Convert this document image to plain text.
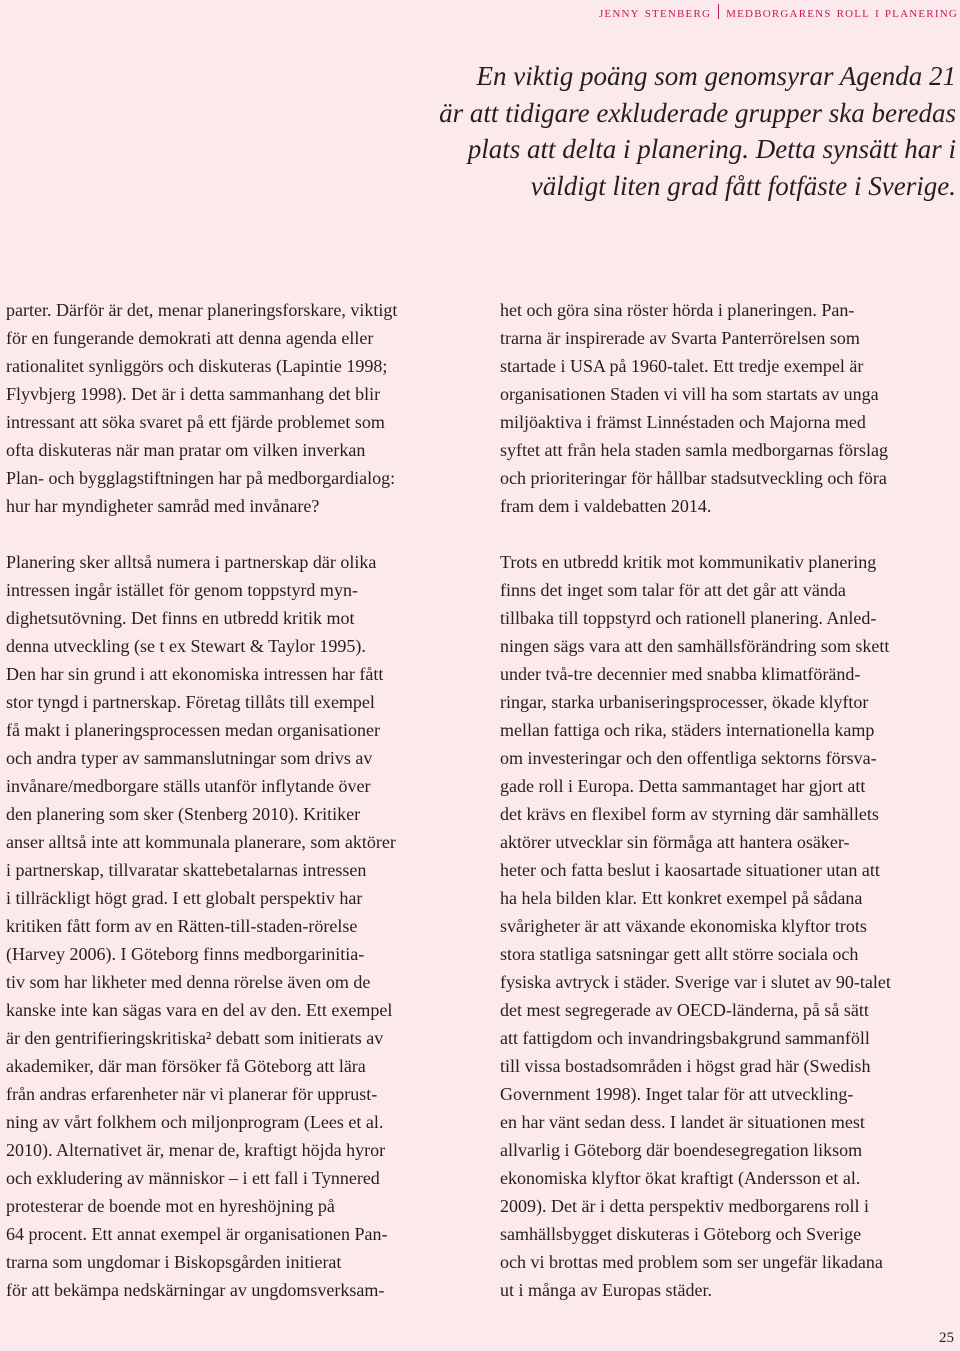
jenny stenberg medborgarens roll i planering
En viktig poäng som genomsyrar Agenda 21
är att tidigare exkluderade grupper ska beredas
plats att delta i planering. Detta synsätt har i
väldigt liten grad fått fotfäste i Sverige.
parter. Därför är det, menar planeringsforskare, viktigt
för en fungerande demokrati att denna agenda eller
rationalitet synliggörs och diskuteras (Lapintie 1998;
Flyvbjerg 1998). Det är i detta sammanhang det blir
intressant att söka svaret på ett fjärde problemet som
ofta diskuteras när man pratar om vilken inverkan
Plan- och bygglagstiftningen har på medborgardialog:
hur har myndigheter samråd med invånare?
Planering sker alltså numera i partnerskap där olika
intressen ingår istället för genom toppstyrd myn-
dighetsutövning. Det finns en utbredd kritik mot
denna utveckling (se t ex Stewart & Taylor 1995).
Den har sin grund i att ekonomiska intressen har fått
stor tyngd i partnerskap. Företag tillåts till exempel
få makt i planeringsprocessen medan organisationer
och andra typer av sammanslutningar som drivs av
invånare/medborgare ställs utanför inflytande över
den planering som sker (Stenberg 2010). Kritiker
anser alltså inte att kommunala planerare, som aktörer
i partnerskap, tillvaratar skattebetalarnas intressen
i tillräckligt högt grad. I ett globalt perspektiv har
kritiken fått form av en Rätten-till-staden-rörelse
(Harvey 2006). I Göteborg finns medborgarinitia-
tiv som har likheter med denna rörelse även om de
kanske inte kan sägas vara en del av den. Ett exempel
är den gentrifieringskritiska² debatt som initierats av
akademiker, där man försöker få Göteborg att lära
från andras erfarenheter när vi planerar för upprust-
ning av vårt folkhem och miljonprogram (Lees et al.
2010). Alternativet är, menar de, kraftigt höjda hyror
och exkludering av människor – i ett fall i Tynnered
protesterar de boende mot en hyreshöjning på
64 procent. Ett annat exempel är organisationen Pan-
trarna som ungdomar i Biskopsgården initierat
för att bekämpa nedskärningar av ungdomsverksam-
het och göra sina röster hörda i planeringen. Pan-
trarna är inspirerade av Svarta Panterrörelsen som
startade i USA på 1960-talet. Ett tredje exempel är
organisationen Staden vi vill ha som startats av unga
miljöaktiva i främst Linnéstaden och Majorna med
syftet att från hela staden samla medborgarnas förslag
och prioriteringar för hållbar stadsutveckling och föra
fram dem i valdebatten 2014.
Trots en utbredd kritik mot kommunikativ planering
finns det inget som talar för att det går att vända
tillbaka till toppstyrd och rationell planering. Anled-
ningen sägs vara att den samhällsförändring som skett
under två-tre decennier med snabba klimatföränd-
ringar, starka urbaniseringsprocesser, ökade klyftor
mellan fattiga och rika, städers internationella kamp
om investeringar och den offentliga sektorns försva-
gade roll i Europa. Detta sammantaget har gjort att
det krävs en flexibel form av styrning där samhällets
aktörer utvecklar sin förmåga att hantera osäker-
heter och fatta beslut i kaosartade situationer utan att
ha hela bilden klar. Ett konkret exempel på sådana
svårigheter är att växande ekonomiska klyftor trots
stora statliga satsningar gett allt större sociala och
fysiska avtryck i städer. Sverige var i slutet av 90-talet
det mest segregerade av OECD-länderna, på så sätt
att fattigdom och invandringsbakgrund sammanföll
till vissa bostadsområden i högst grad här (Swedish
Government 1998). Inget talar för att utveckling-
en har vänt sedan dess. I landet är situationen mest
allvarlig i Göteborg där boendesegregation liksom
ekonomiska klyftor ökat kraftigt (Andersson et al.
2009). Det är i detta perspektiv medborgarens roll i
samhällsbygget diskuteras i Göteborg och Sverige
och vi brottas med problem som ser ungefär likadana
ut i många av Europas städer.
25
